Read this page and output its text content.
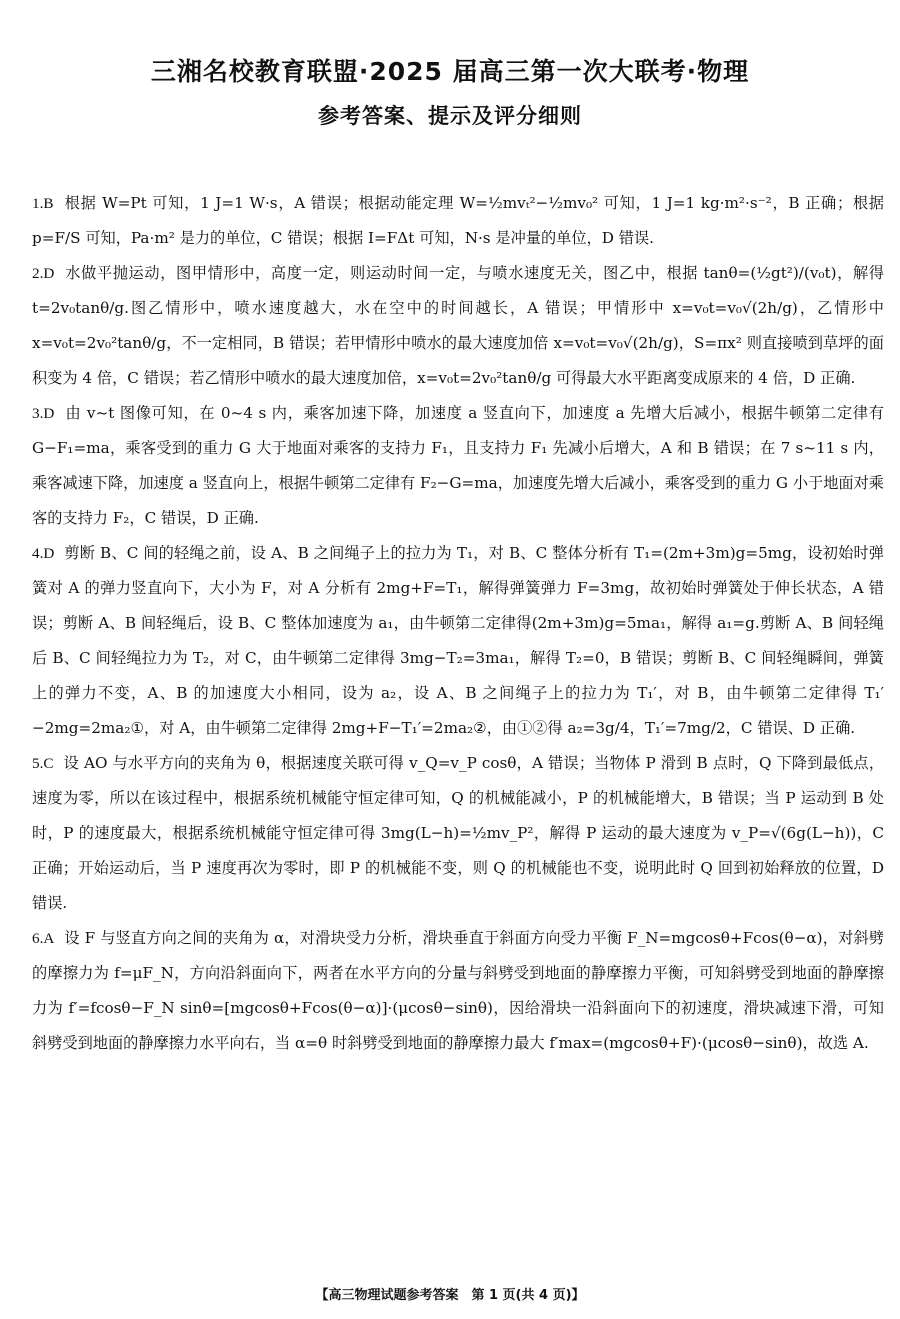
三湘名校教育联盟·2025 届高三第一次大联考·物理
参考答案、提示及评分细则

1.B 根据 W=Pt 可知，1 J=1 W·s，A 错误；根据动能定理 W=½mvₜ²−½mv₀² 可知，1 J=1 kg·m²·s⁻²，B 正确；根据 p=F/S 可知，Pa·m² 是力的单位，C 错误；根据 I=FΔt 可知，N·s 是冲量的单位，D 错误.

2.D 水做平抛运动，图甲情形中，高度一定，则运动时间一定，与喷水速度无关，图乙中，根据 tanθ=(½gt²)/(v₀t)，解得 t=2v₀tanθ/g.图乙情形中，喷水速度越大，水在空中的时间越长，A 错误；甲情形中 x=v₀t=v₀√(2h/g)，乙情形中 x=v₀t=2v₀²tanθ/g，不一定相同，B 错误；若甲情形中喷水的最大速度加倍 x=v₀t=v₀√(2h/g)，S=πx² 则直接喷到草坪的面积变为 4 倍，C 错误；若乙情形中喷水的最大速度加倍，x=v₀t=2v₀²tanθ/g 可得最大水平距离变成原来的 4 倍，D 正确.

3.D 由 v~t 图像可知，在 0~4 s 内，乘客加速下降，加速度 a 竖直向下，加速度 a 先增大后减小，根据牛顿第二定律有 G−F₁=ma，乘客受到的重力 G 大于地面对乘客的支持力 F₁，且支持力 F₁ 先减小后增大，A 和 B 错误；在 7 s~11 s 内，乘客减速下降，加速度 a 竖直向上，根据牛顿第二定律有 F₂−G=ma，加速度先增大后减小，乘客受到的重力 G 小于地面对乘客的支持力 F₂，C 错误，D 正确.

4.D 剪断 B、C 间的轻绳之前，设 A、B 之间绳子上的拉力为 T₁，对 B、C 整体分析有 T₁=(2m+3m)g=5mg，设初始时弹簧对 A 的弹力竖直向下，大小为 F，对 A 分析有 2mg+F=T₁，解得弹簧弹力 F=3mg，故初始时弹簧处于伸长状态，A 错误；剪断 A、B 间轻绳后，设 B、C 整体加速度为 a₁，由牛顿第二定律得(2m+3m)g=5ma₁，解得 a₁=g.剪断 A、B 间轻绳后 B、C 间轻绳拉力为 T₂，对 C，由牛顿第二定律得 3mg−T₂=3ma₁，解得 T₂=0，B 错误；剪断 B、C 间轻绳瞬间，弹簧上的弹力不变，A、B 的加速度大小相同，设为 a₂，设 A、B 之间绳子上的拉力为 T₁′，对 B，由牛顿第二定律得 T₁′−2mg=2ma₂①，对 A，由牛顿第二定律得 2mg+F−T₁′=2ma₂②，由①②得 a₂=3g/4，T₁′=7mg/2，C 错误、D 正确.

5.C 设 AO 与水平方向的夹角为 θ，根据速度关联可得 v_Q=v_P cosθ，A 错误；当物体 P 滑到 B 点时，Q 下降到最低点，速度为零，所以在该过程中，根据系统机械能守恒定律可知，Q 的机械能减小，P 的机械能增大，B 错误；当 P 运动到 B 处时，P 的速度最大，根据系统机械能守恒定律可得 3mg(L−h)=½mv_P²，解得 P 运动的最大速度为 v_P=√(6g(L−h))，C 正确；开始运动后，当 P 速度再次为零时，即 P 的机械能不变，则 Q 的机械能也不变，说明此时 Q 回到初始释放的位置，D 错误.

6.A 设 F 与竖直方向之间的夹角为 α，对滑块受力分析，滑块垂直于斜面方向受力平衡 F_N=mgcosθ+Fcos(θ−α)，对斜劈的摩擦力为 f=μF_N，方向沿斜面向下，两者在水平方向的分量与斜劈受到地面的静摩擦力平衡，可知斜劈受到地面的静摩擦力为 f′=fcosθ−F_N sinθ=[mgcosθ+Fcos(θ−α)]·(μcosθ−sinθ)，因给滑块一沿斜面向下的初速度，滑块减速下滑，可知斜劈受到地面的静摩擦力水平向右，当 α=θ 时斜劈受到地面的静摩擦力最大 f′max=(mgcosθ+F)·(μcosθ−sinθ)，故选 A.

【高三物理试题参考答案　第 1 页(共 4 页)】
